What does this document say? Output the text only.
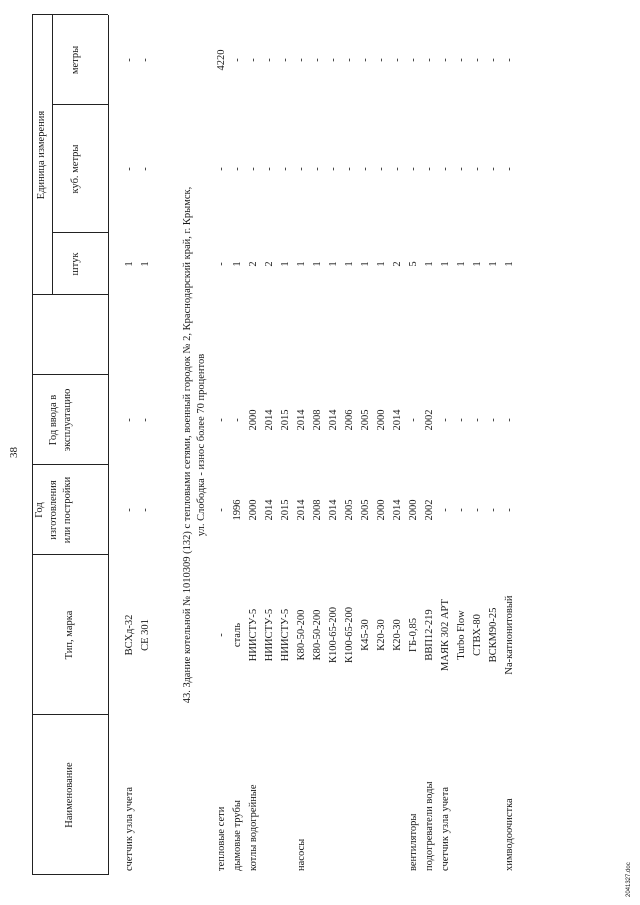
38
Наименование
Тип, марка
Год изготовления или постройки
Год ввода в эксплуатацию
Единица измерения
штук
куб. метры
метры
счетчик узла учета
ВСХд-32
-
-
1
-
-
СЕ 301
-
-
1
-
-
тепловые сети
-
-
-
-
-
4220
дымовые трубы
сталь
1996
-
1
-
-
котлы водогрейные
НИИСТУ-5
2000
2000
2
-
-
НИИСТУ-5
2014
2014
2
-
-
НИИСТУ-5
2015
2015
1
-
-
насосы
К80-50-200
2014
2014
1
-
-
К80-50-200
2008
2008
1
-
-
К100-65-200
2014
2014
1
-
-
К100-65-200
2005
2006
1
-
-
К45-30
2005
2005
1
-
-
К20-30
2000
2000
1
-
-
К20-30
2014
2014
2
-
-
вентиляторы
ГБ-0,85
2000
-
5
-
-
подогреватели воды
ВВП12-219
2002
2002
1
-
-
счетчик узла учета
МАЯК 302 АРТ
-
-
1
-
-
Turbo Flow
-
-
1
-
-
СТВХ-80
-
-
1
-
-
ВСКМ90-25
-
-
1
-
-
химводоочистка
Na-катионитовый
-
-
1
-
-
43. Здание котельной № 1010309 (132) с тепловыми сетями, военный городок № 2, Краснодарский край, г. Крымск, ул. Слободка - износ более 70 процентов
2041327.doc
